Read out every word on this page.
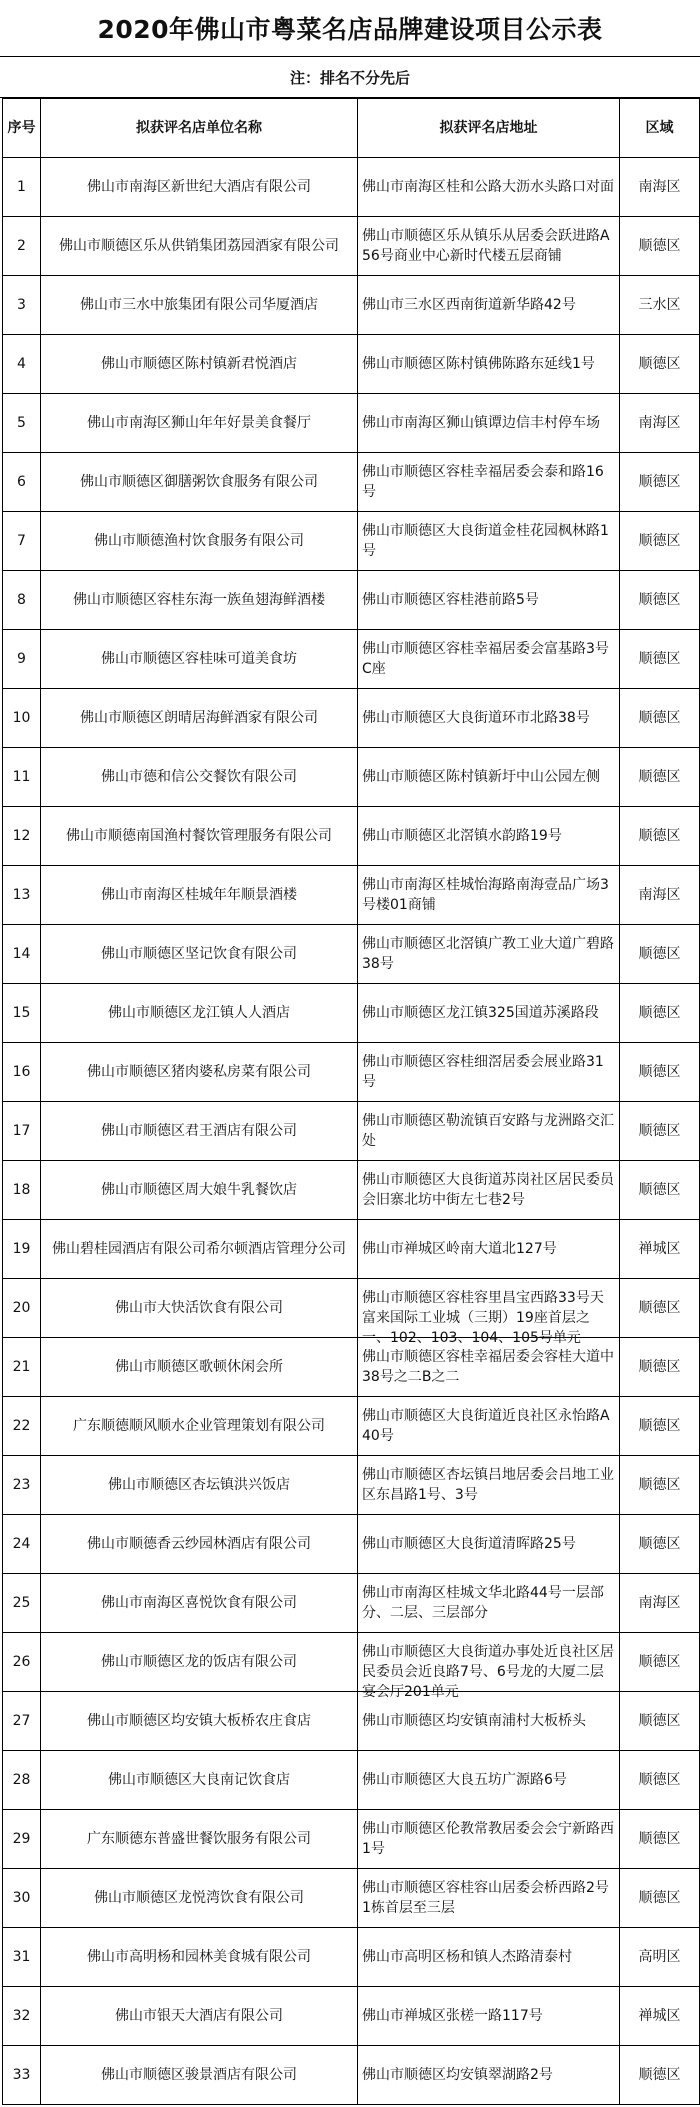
2020年佛山市粤菜名店品牌建设项目公示表
注：排名不分先后
序号	拟获评名店单位名称	拟获评名店地址	区域
1	佛山市南海区新世纪大酒店有限公司	佛山市南海区桂和公路大沥水头路口对面	南海区
2	佛山市顺德区乐从供销集团荔园酒家有限公司	佛山市顺德区乐从镇乐从居委会跃进路A56号商业中心新时代楼五层商铺	顺德区
3	佛山市三水中旅集团有限公司华厦酒店	佛山市三水区西南街道新华路42号	三水区
4	佛山市顺德区陈村镇新君悦酒店	佛山市顺德区陈村镇佛陈路东延线1号	顺德区
5	佛山市南海区狮山年年好景美食餐厅	佛山市南海区狮山镇谭边信丰村停车场	南海区
6	佛山市顺德区御膳粥饮食服务有限公司	佛山市顺德区容桂幸福居委会泰和路16号	顺德区
7	佛山市顺德渔村饮食服务有限公司	佛山市顺德区大良街道金桂花园枫林路1号	顺德区
8	佛山市顺德区容桂东海一族鱼翅海鲜酒楼	佛山市顺德区容桂港前路5号	顺德区
9	佛山市顺德区容桂味可道美食坊	佛山市顺德区容桂幸福居委会富基路3号C座	顺德区
10	佛山市顺德区朗晴居海鲜酒家有限公司	佛山市顺德区大良街道环市北路38号	顺德区
11	佛山市德和信公交餐饮有限公司	佛山市顺德区陈村镇新圩中山公园左侧	顺德区
12	佛山市顺德南国渔村餐饮管理服务有限公司	佛山市顺德区北滘镇水韵路19号	顺德区
13	佛山市南海区桂城年年顺景酒楼	佛山市南海区桂城怡海路南海壹品广场3号楼01商铺	南海区
14	佛山市顺德区坚记饮食有限公司	佛山市顺德区北滘镇广教工业大道广碧路38号	顺德区
15	佛山市顺德区龙江镇人人酒店	佛山市顺德区龙江镇325国道苏溪路段	顺德区
16	佛山市顺德区猪肉婆私房菜有限公司	佛山市顺德区容桂细滘居委会展业路31号	顺德区
17	佛山市顺德区君王酒店有限公司	佛山市顺德区勒流镇百安路与龙洲路交汇处	顺德区
18	佛山市顺德区周大娘牛乳餐饮店	佛山市顺德区大良街道苏岗社区居民委员会旧寨北坊中街左七巷2号	顺德区
19	佛山碧桂园酒店有限公司希尔顿酒店管理分公司	佛山市禅城区岭南大道北127号	禅城区
20	佛山市大快活饮食有限公司	佛山市顺德区容桂容里昌宝西路33号天富来国际工业城（三期）19座首层之一、102、103、104、105号单元	顺德区
21	佛山市顺德区歌顿休闲会所	佛山市顺德区容桂幸福居委会容桂大道中38号之二B之二	顺德区
22	广东顺德顺风顺水企业管理策划有限公司	佛山市顺德区大良街道近良社区永怡路A40号	顺德区
23	佛山市顺德区杏坛镇洪兴饭店	佛山市顺德区杏坛镇吕地居委会吕地工业区东昌路1号、3号	顺德区
24	佛山市顺德香云纱园林酒店有限公司	佛山市顺德区大良街道清晖路25号	顺德区
25	佛山市南海区喜悦饮食有限公司	佛山市南海区桂城文华北路44号一层部分、二层、三层部分	南海区
26	佛山市顺德区龙的饭店有限公司	佛山市顺德区大良街道办事处近良社区居民委员会近良路7号、6号龙的大厦二层宴会厅201单元	顺德区
27	佛山市顺德区均安镇大板桥农庄食店	佛山市顺德区均安镇南浦村大板桥头	顺德区
28	佛山市顺德区大良南记饮食店	佛山市顺德区大良五坊广源路6号	顺德区
29	广东顺德东普盛世餐饮服务有限公司	佛山市顺德区伦教常教居委会会宁新路西1号	顺德区
30	佛山市顺德区龙悦湾饮食有限公司	佛山市顺德区容桂容山居委会桥西路2号1栋首层至三层	顺德区
31	佛山市高明杨和园林美食城有限公司	佛山市高明区杨和镇人杰路清泰村	高明区
32	佛山市银天大酒店有限公司	佛山市禅城区张槎一路117号	禅城区
33	佛山市顺德区骏景酒店有限公司	佛山市顺德区均安镇翠湖路2号	顺德区
